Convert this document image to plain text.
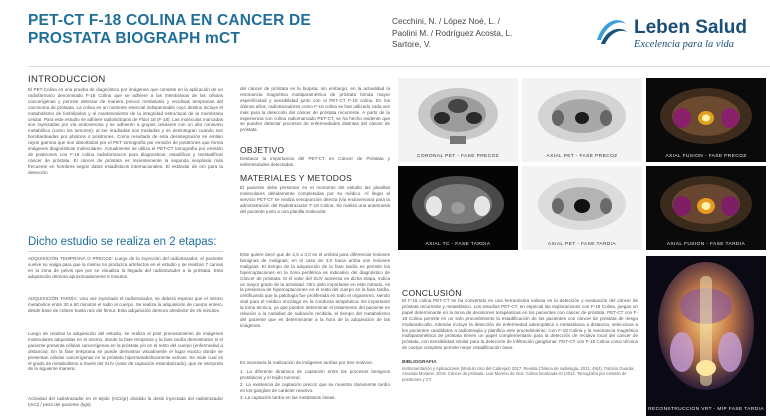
PET-CT F-18 COLINA EN CANCER DE PROSTATA BIOGRAPH mCT
Cecchini, N. / López Noé, L. /
Paolini M. / Rodríguez Acosta, L.
Sartore, V.
Leben Salud
Excelencia para la vida
INTRODUCCION
El PET-Colina es una prueba de diagnóstico por imágenes que consiste en la aplicación de un radiofármaco denominado F-18 Colina que se adhiere a las membranas de las células cancerígenas y permite detectar de manera precoz metástasis y recidivas tempranas del carcinoma de próstata. La colina es un nutriente esencial indispensable cuyo destino incluye el metabolismo de fosfolípidos y el mantenimiento de la integridad estructural de la membrana celular. Para este estudio se adhiere radioisótopos de Flúor 18 (F-18). Las moléculas marcadas son inyectadas por vía endovenosa y se adhieren a grupos celulares con un alto consumo metabólico (como los tumores); al ser irradiadas son trasladas y se desintegran cuando son bombardeadas por photons o positrones. Como resultado de esta desintegración se emiten rayos gamma que son absorbidos por el PET tomografía por emisión de positrones que forma imágenes diagnósticas moleculares. Actualmente se utiliza el PET-CT tomografía por emisión de positrones con F-18 colina radiofarmacos para diagnosticar, estadificar y reestadificar cáncer de próstata. El cáncer de próstata es recientemente la segunda neoplasia más frecuente en hombres según datos estadísticos internacionales. El estándar de oro para la detección
Dicho estudio se realiza en 2 etapas:
ADQUISICIÓN TEMPRANA O PRECOZ: Luego de la inyección del radiotrazador, el paciente vuelve su vejiga para que la misma no produzca artefactos en el estudio y se realizan 7 camas en la zona de pelvis que por se visualiza la llegada del radiotrazador a la próstata. Esta adquisición demora aproximadamente 5 minutos.
ADQUISICIÓN TARDÍA: Una vez inyectado el radiotrazador, se deberá esperar que el mismo metabolice entre 30 a 60 minutos el radio al cuerpo. Se realiza la adquisición de cuerpo entero, desde base de cráneo hasta raíz del fémur. Esta adquisición demora alrededor de 25 minutos.
Luego de realizar la adquisición del estudio, se realiza el post procesamiento de imágenes moleculares adquiridas en el mismo, donde la fase temprana y la fase tardía demostrarán si el paciente presenta células cancerígenas en la próstata y/o en el resto del cuerpo (enfermedad a distancia). En la fase temprana se puede demostrar visualmente el lugar exacto donde se presentan células cancerígenas en la próstata hipermetabólicamente activas. Se mide cual es el grado de metabolismo a través del SUV (valor de captación estandarizado), que se interpreta de la siguiente manera:
Actividad del radiotrazador en el tejido (mCi/gr) dividido la dosis inyectada del radiotrazador (mCi) / peso del paciente (kgs).
del cáncer de próstata es la biopsia; sin embargo, en la actualidad la resonancia magnética multiparamétrica de próstata brinda mayor especificidad y sensibilidad junto con el PET-CT F-18 colina. En los últimos años, radiotrazadores como F-18 colina se han utilizado cada vez más para la detección del cáncer de próstata recurrente. A partir de la experiencia con colina radiomarcado PET-CT, se ha hecho evidente que se pueden detectar procesos de enfermedades distintas del cáncer de próstata.
OBJETIVO
Destacar la importancia del PET-CT en Cáncer de Próstata y enfermedades detectadas.
MATERIALES Y METODOS
El paciente debe presentar en el momento del estudio las planillas moleculares debidamente completadas por su médico. Al llegar al servicio PET-CT se realiza venopunción directa (vía endovenosa) para la administración del Radiotrazador F-18 Colina. Se realiza una anamnesis del paciente junto a una planilla molecular.
Este quiere decir que de 2,5 a 3,0 es el umbral para diferenciar lesiones benignas de malignas; en el caso de 3,0 hacia arriba son lesiones malignas. El tiempo de la adquisición de la fase tardía es permitir los hipercaptaciones en la zona periférica es indicativo del diagnóstico de Cáncer de próstata. Si el valor del SUV aumenta en dicha etapa, indica un mayor grado de la actividad. Otro dato importante en este método, es la presencia de hipercaptaciones en el resto del cuerpo en la fase tardía, certificando que la patología fue proliferada en todo el organismo, siendo vital para el médico oncólogo en la conducta terapéutica. Es importante la toma técnica, ya que pueden determinar el tratamiento del paciente en relación a la cantidad de radiación recibida, el tiempo del metabolismo del paciente que es determinante a la hora de la adquisición de las imágenes.
Es necesaria la realización de imágenes tardías por tres motivos:
1. La diferente dinámica de captación entre los procesos benignos prostáticos y el tejido tumoral.
2. La existencia de captación precoz que se muestra claramente tardío en los ganglios de carácter reactivo.
3. La captación tardía en las metástasis óseas.
CONCLUSIÓN
El F-18 colina PET-CT se ha convertido en una herramienta valiosa en la detección y evaluación del cáncer de próstata recurrente y metastásico. Los estudios PET-CT, en especial las exploraciones con F-18 Colina, juegan un papel determinante en la toma de decisiones terapéuticas en los pacientes con cáncer de próstata. PET-CT con F-18 Colina permite en un solo procedimiento la estadificación de los pacientes con cáncer de próstata de riesgo moderado-alto. Además incluye la detección de enfermedad adenopática o metastásica a distancia, selecciona a los pacientes candidatos a radioterapia y planifica este procedimiento. Con F-18 Colina y la resonancia magnética multiparamétrica de próstata tienen un papel complementario para la detección de recidiva local del cáncer de próstata, con sensibilidad similar para la detección de infiltración ganglionar. PET-CT con F-18 Colina como técnica de cuerpo completo permite mejor estadificación ósea.
BIBLIOGRAFIA
Instrumentación y Aplicaciones (Modulo Uno del Cabrejas) 2017. Revista Chilena de radiología. 2021; 48(4). Patricio Guarda, Amanda Moraine. 2019. Cáncer de próstata. Luis Moreno de Oca. Colina localizada-Sí (2014. Tomografía por emisión de positrones y CT.
CORONAL PET - FASE PRECOZ	AXIAL PET - FASE PRECOZ	AXIAL FUSION - FASE PRECOZ
AXIAL TC - FASE TARDIA	AXIAL PET - FASE TARDIA	AXIAL FUSION - FASE TARDIA
RECONSTRUCCION VRT - MIP FASE TARDIA
